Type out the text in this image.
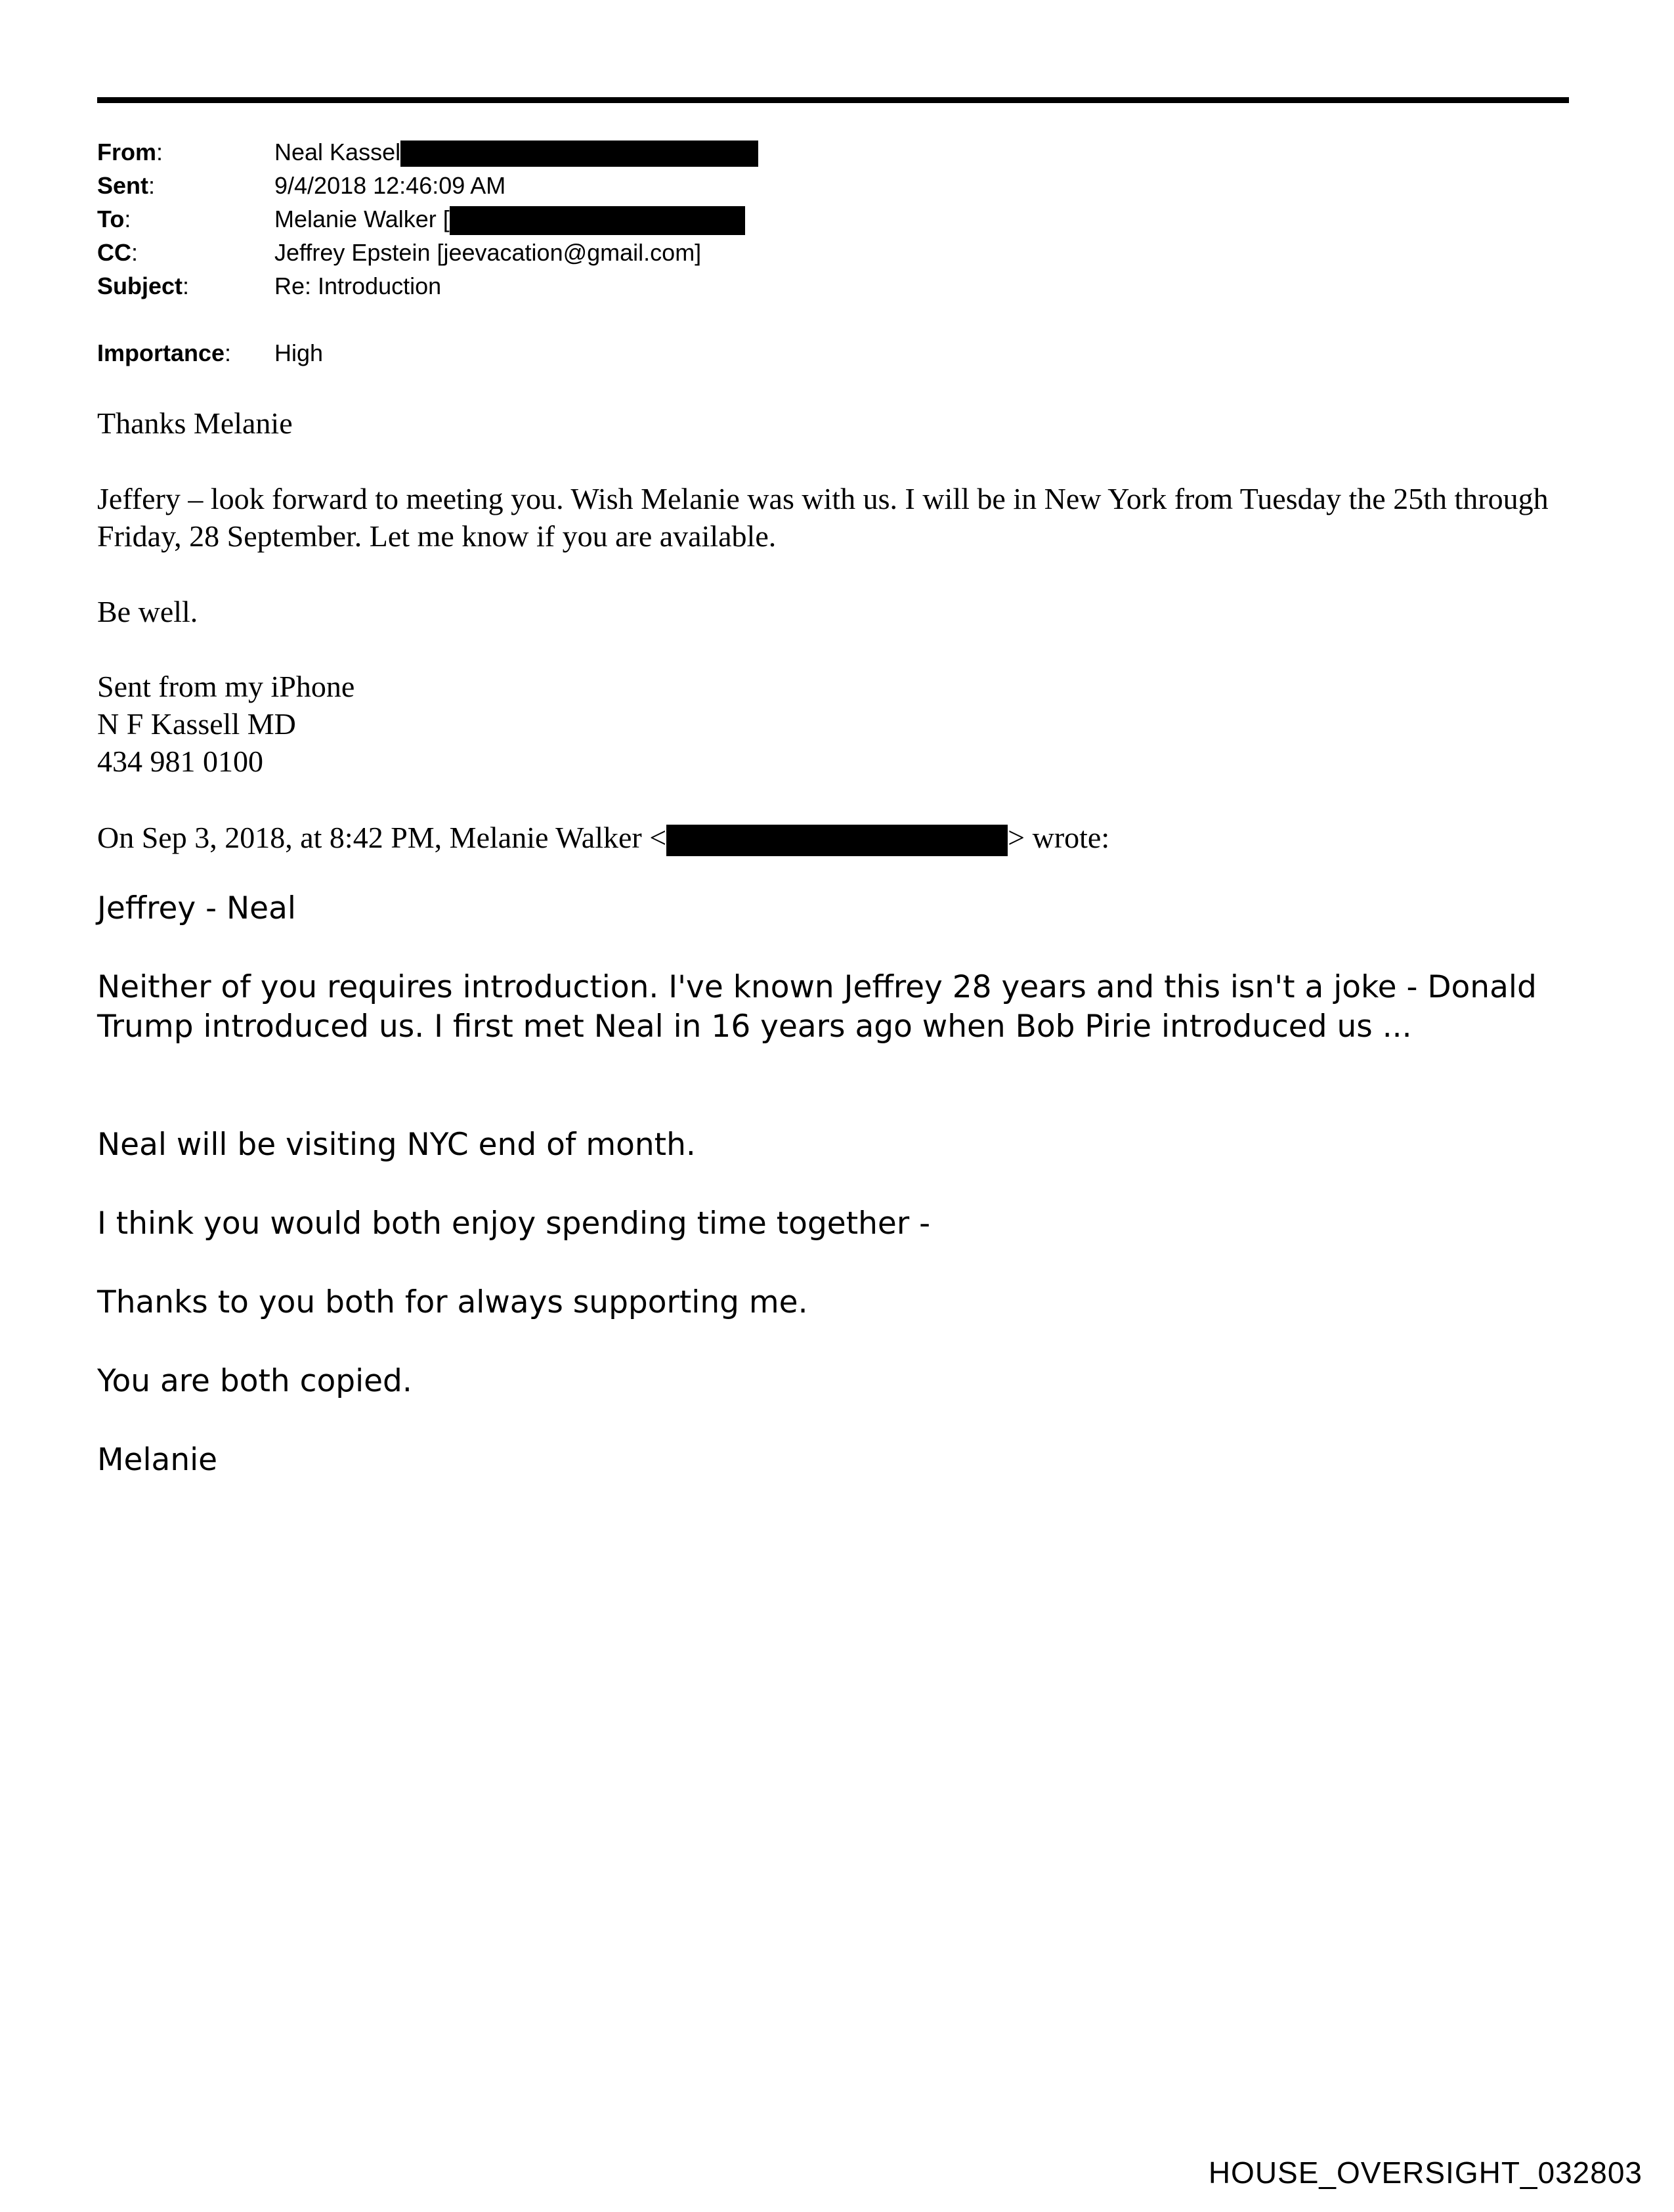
From:	Neal Kassel
Sent:	9/4/2018 12:46:09 AM
To:	Melanie Walker [
CC:	Jeffrey Epstein [jeevacation@gmail.com]
Subject:	Re: Introduction
Importance: High

Thanks Melanie

Jeffery – look forward to meeting you. Wish Melanie was with us. I will be in New York from Tuesday the 25th through Friday, 28 September. Let me know if you are available.

Be well.

Sent from my iPhone

N F Kassell MD

434 981 0100

On Sep 3, 2018, at 8:42 PM, Melanie Walker <	> wrote:

Jeffrey - Neal

Neither of you requires introduction. I've known Jeffrey 28 years and this isn't a joke - Donald Trump introduced us. I first met Neal in 16 years ago when Bob Pirie introduced us ...

Neal will be visiting NYC end of month.

I think you would both enjoy spending time together -

Thanks to you both for always supporting me.

You are both copied.

Melanie

HOUSE_OVERSIGHT_032803
